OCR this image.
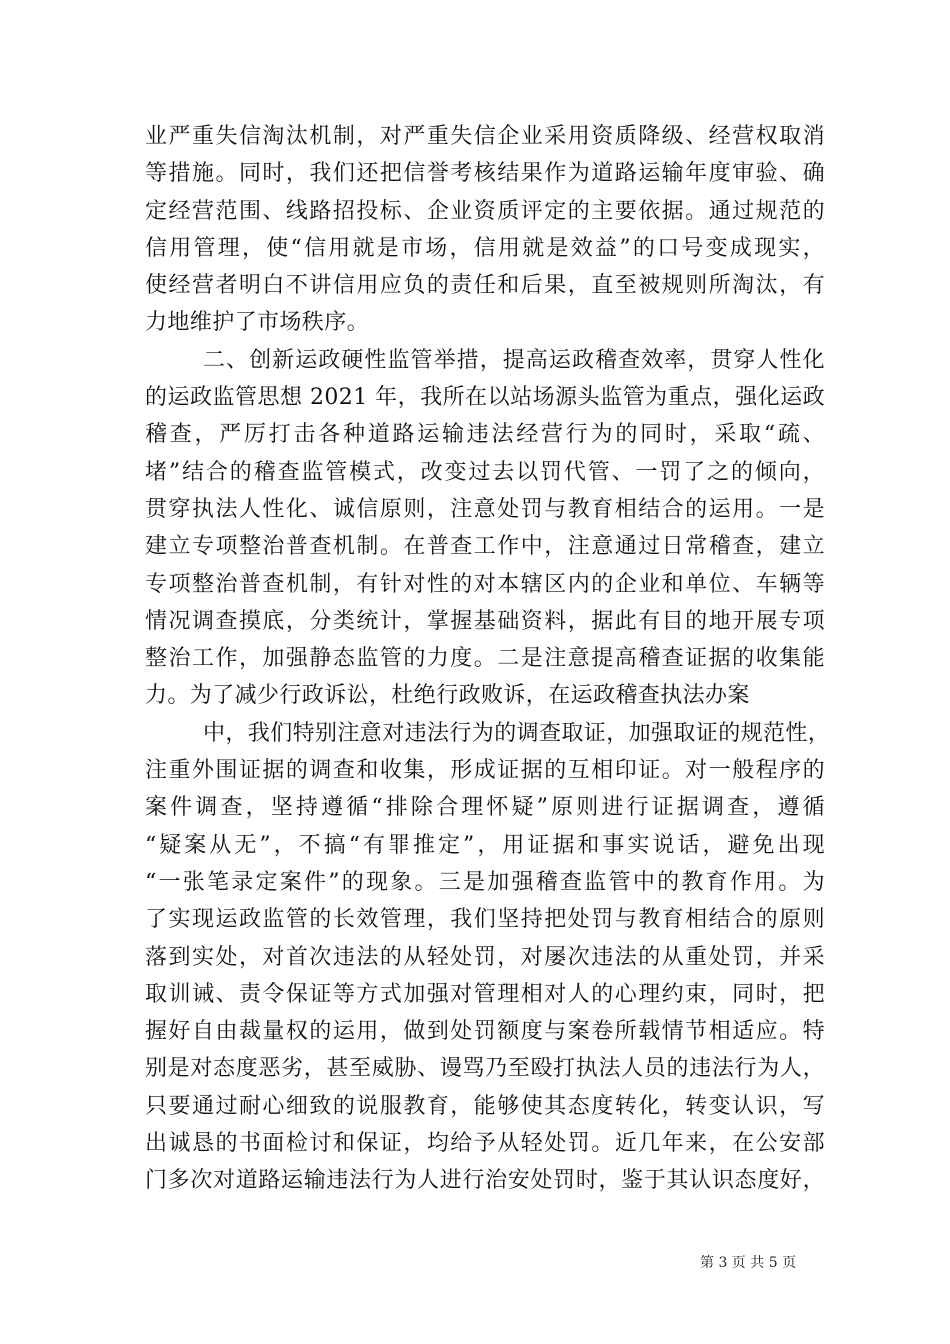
业严重失信淘汰机制，对严重失信企业采用资质降级、经营权取消
等措施。同时，我们还把信誉考核结果作为道路运输年度审验、确
定经营范围、线路招投标、企业资质评定的主要依据。通过规范的
信用管理，使“信用就是市场，信用就是效益”的口号变成现实，
使经营者明白不讲信用应负的责任和后果，直至被规则所淘汰，有
力地维护了市场秩序。
二、创新运政硬性监管举措，提高运政稽查效率，贯穿人性化
的运政监管思想 2021 年，我所在以站场源头监管为重点，强化运政
稽查，严厉打击各种道路运输违法经营行为的同时，采取“疏、
堵”结合的稽查监管模式，改变过去以罚代管、一罚了之的倾向，
贯穿执法人性化、诚信原则，注意处罚与教育相结合的运用。一是
建立专项整治普查机制。在普查工作中，注意通过日常稽查，建立
专项整治普查机制，有针对性的对本辖区内的企业和单位、车辆等
情况调查摸底，分类统计，掌握基础资料，据此有目的地开展专项
整治工作，加强静态监管的力度。二是注意提高稽查证据的收集能
力。为了减少行政诉讼，杜绝行政败诉，在运政稽查执法办案
中，我们特别注意对违法行为的调查取证，加强取证的规范性，
注重外围证据的调查和收集，形成证据的互相印证。对一般程序的
案件调查，坚持遵循“排除合理怀疑”原则进行证据调查，遵循
“疑案从无”，不搞“有罪推定”，用证据和事实说话，避免出现
“一张笔录定案件”的现象。三是加强稽查监管中的教育作用。为
了实现运政监管的长效管理，我们坚持把处罚与教育相结合的原则
落到实处，对首次违法的从轻处罚，对屡次违法的从重处罚，并采
取训诫、责令保证等方式加强对管理相对人的心理约束，同时，把
握好自由裁量权的运用，做到处罚额度与案卷所载情节相适应。特
别是对态度恶劣，甚至威胁、谩骂乃至殴打执法人员的违法行为人，
只要通过耐心细致的说服教育，能够使其态度转化，转变认识，写
出诚恳的书面检讨和保证，均给予从轻处罚。近几年来，在公安部
门多次对道路运输违法行为人进行治安处罚时，鉴于其认识态度好，
第 3 页 共 5 页
